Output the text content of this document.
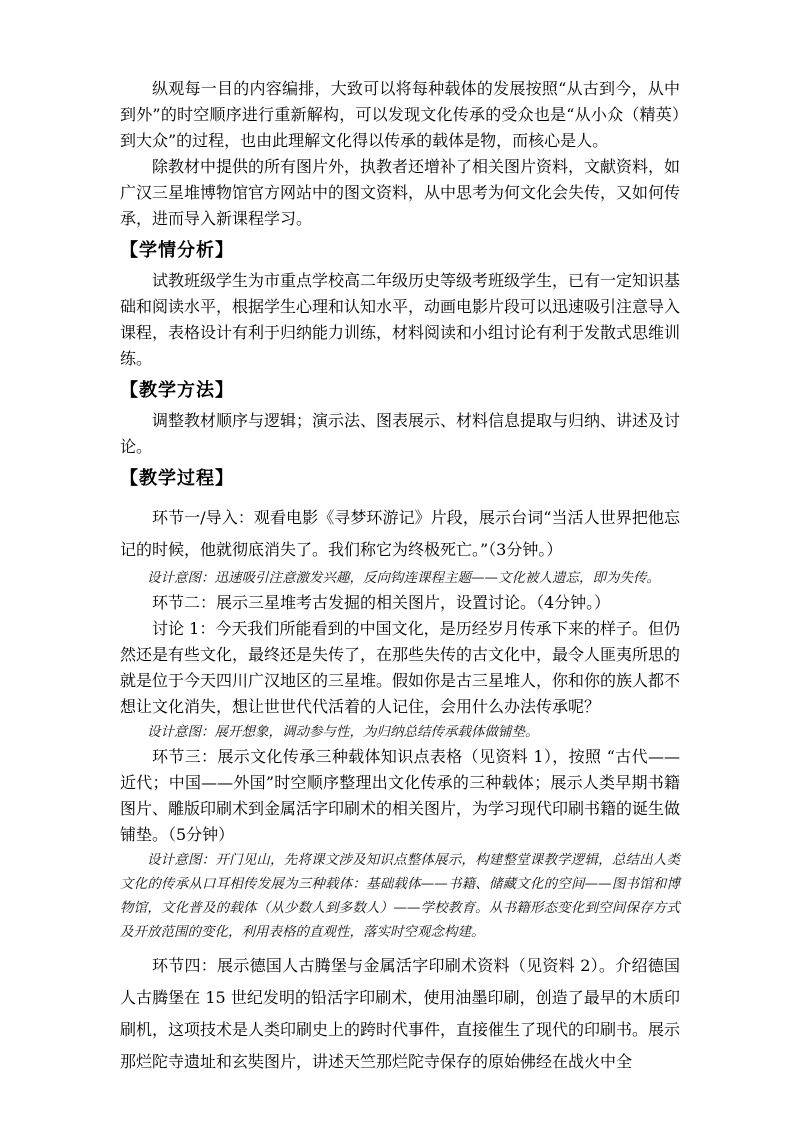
纵观每一目的内容编排，大致可以将每种载体的发展按照“从古到今，从中到外”的时空顺序进行重新解构，可以发现文化传承的受众也是“从小众（精英）到大众”的过程，也由此理解文化得以传承的载体是物，而核心是人。

除教材中提供的所有图片外，执教者还增补了相关图片资料，文献资料，如广汉三星堆博物馆官方网站中的图文资料，从中思考为何文化会失传，又如何传承，进而导入新课程学习。

【学情分析】

试教班级学生为市重点学校高二年级历史等级考班级学生，已有一定知识基础和阅读水平，根据学生心理和认知水平，动画电影片段可以迅速吸引注意导入课程，表格设计有利于归纳能力训练，材料阅读和小组讨论有利于发散式思维训练。

【教学方法】

调整教材顺序与逻辑；演示法、图表展示、材料信息提取与归纳、讲述及讨论。

【教学过程】

环节一/导入：观看电影《寻梦环游记》片段，展示台词“当活人世界把他忘记的时候，他就彻底消失了。我们称它为终极死亡。”（3分钟。）

设计意图：迅速吸引注意激发兴趣，反向钩连课程主题——文化被人遗忘，即为失传。

环节二：展示三星堆考古发掘的相关图片，设置讨论。（4分钟。）

讨论 1：今天我们所能看到的中国文化，是历经岁月传承下来的样子。但仍然还是有些文化，最终还是失传了，在那些失传的古文化中，最令人匪夷所思的就是位于今天四川广汉地区的三星堆。假如你是古三星堆人，你和你的族人都不想让文化消失，想让世世代代活着的人记住，会用什么办法传承呢？

设计意图：展开想象，调动参与性，为归纳总结传承载体做铺垫。

环节三：展示文化传承三种载体知识点表格（见资料 1），按照 “古代——近代；中国——外国”时空顺序整理出文化传承的三种载体；展示人类早期书籍图片、雕版印刷术到金属活字印刷术的相关图片，为学习现代印刷书籍的诞生做铺垫。（5分钟）

设计意图：开门见山，先将课文涉及知识点整体展示，构建整堂课教学逻辑，总结出人类文化的传承从口耳相传发展为三种载体：基础载体——书籍、储藏文化的空间——图书馆和博物馆，文化普及的载体（从少数人到多数人）——学校教育。从书籍形态变化到空间保存方式及开放范围的变化，利用表格的直观性，落实时空观念构建。

环节四：展示德国人古腾堡与金属活字印刷术资料（见资料 2）。介绍德国人古腾堡在 15 世纪发明的铅活字印刷术，使用油墨印刷，创造了最早的木质印刷机，这项技术是人类印刷史上的跨时代事件，直接催生了现代的印刷书。展示那烂陀寺遗址和玄奘图片，讲述天竺那烂陀寺保存的原始佛经在战火中全
